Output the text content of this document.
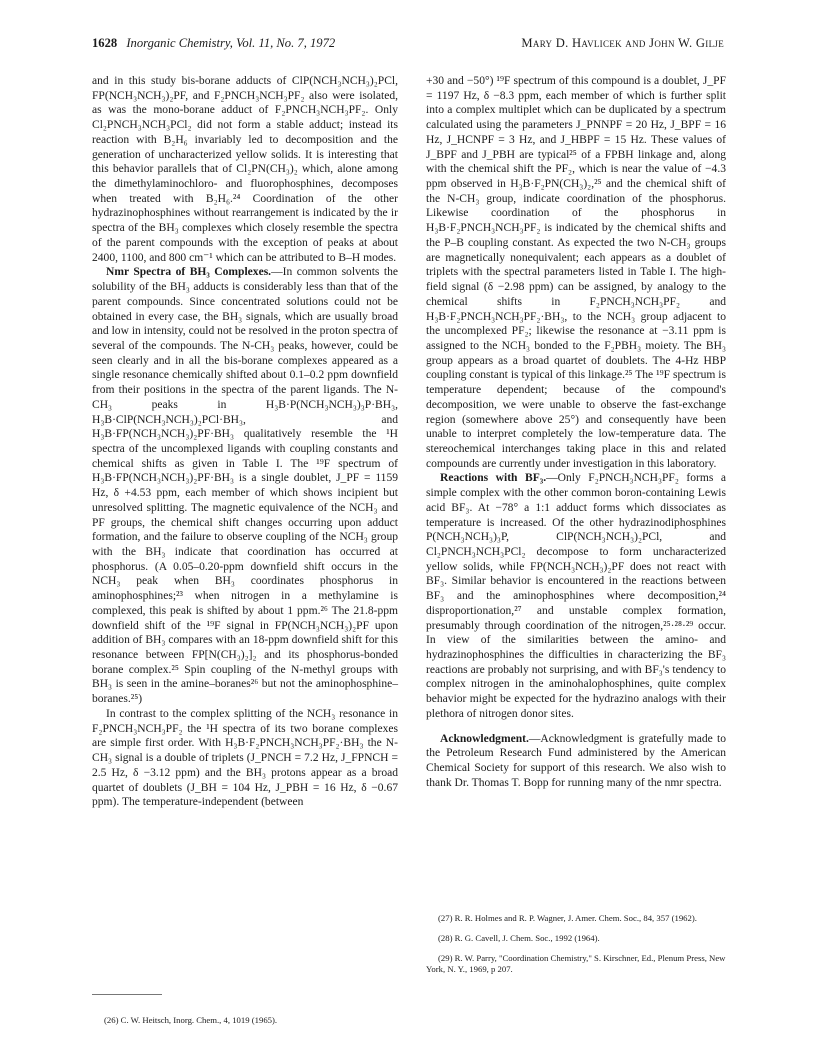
1628 Inorganic Chemistry, Vol. 11, No. 7, 1972	Mary D. Havlicek and John W. Gilje

and in this study bis-borane adducts of ClP(NCH₃NCH₃)₂PCl, FP(NCH₃NCH₃)₂PF, and F₂PNCH₃NCH₃PF₂ also were isolated, as was the mono-borane adduct of F₂PNCH₃NCH₃PF₂. Only Cl₂PNCH₃NCH₃PCl₂ did not form a stable adduct; instead its reaction with B₂H₆ invariably led to decomposition and the generation of uncharacterized yellow solids. It is interesting that this behavior parallels that of Cl₂PN(CH₃)₂ which, alone among the dimethylaminochloro- and fluorophosphines, decomposes when treated with B₂H₆.²⁴ Coordination of the other hydrazinophosphines without rearrangement is indicated by the ir spectra of the BH₃ complexes which closely resemble the spectra of the parent compounds with the exception of peaks at about 2400, 1100, and 800 cm⁻¹ which can be attributed to B–H modes.

Nmr Spectra of BH₃ Complexes.—In common solvents the solubility of the BH₃ adducts is considerably less than that of the parent compounds. Since concentrated solutions could not be obtained in every case, the BH₃ signals, which are usually broad and low in intensity, could not be resolved in the proton spectra of several of the compounds. The N-CH₃ peaks, however, could be seen clearly and in all the bis-borane complexes appeared as a single resonance chemically shifted about 0.1–0.2 ppm downfield from their positions in the spectra of the parent ligands. The N-CH₃ peaks in H₃B·P(NCH₃NCH₃)₃P·BH₃, H₃B·ClP(NCH₃NCH₃)₂PCl·BH₃, and H₃B·FP(NCH₃NCH₃)₂PF·BH₃ qualitatively resemble the ¹H spectra of the uncomplexed ligands with coupling constants and chemical shifts as given in Table I. The ¹⁹F spectrum of H₃B·FP(NCH₃NCH₃)₂PF·BH₃ is a single doublet, J_PF = 1159 Hz, δ +4.53 ppm, each member of which shows incipient but unresolved splitting. The magnetic equivalence of the NCH₃ and PF groups, the chemical shift changes occurring upon adduct formation, and the failure to observe coupling of the NCH₃ group with the BH₃ indicate that coordination has occurred at phosphorus. (A 0.05–0.20-ppm downfield shift occurs in the NCH₃ peak when BH₃ coordinates phosphorus in aminophosphines;²³ when nitrogen in a methylamine is complexed, this peak is shifted by about 1 ppm.²⁶ The 21.8-ppm downfield shift of the ¹⁹F signal in FP(NCH₃NCH₃)₂PF upon addition of BH₃ compares with an 18-ppm downfield shift for this resonance between FP[N(CH₃)₂]₂ and its phosphorus-bonded borane complex.²⁵ Spin coupling of the N-methyl groups with BH₃ is seen in the amine–boranes²⁶ but not the aminophosphine–boranes.²⁵)

In contrast to the complex splitting of the NCH₃ resonance in F₂PNCH₃NCH₃PF₂ the ¹H spectra of its two borane complexes are simple first order. With H₃B·F₂PNCH₃NCH₃PF₂·BH₃ the N-CH₃ signal is a double of triplets (J_PNCH = 7.2 Hz, J_FPNCH = 2.5 Hz, δ −3.12 ppm) and the BH₃ protons appear as a broad quartet of doublets (J_BH = 104 Hz, J_PBH = 16 Hz, δ −0.67 ppm). The temperature-independent (between

(26) C. W. Heitsch, Inorg. Chem., 4, 1019 (1965).

+30 and −50°) ¹⁹F spectrum of this compound is a doublet, J_PF = 1197 Hz, δ −8.3 ppm, each member of which is further split into a complex multiplet which can be duplicated by a spectrum calculated using the parameters J_PNNPF = 20 Hz, J_BPF = 16 Hz, J_HCNPF = 3 Hz, and J_HBPF = 15 Hz. These values of J_BPF and J_PBH are typical²⁵ of a FPBH linkage and, along with the chemical shift the PF₂, which is near the value of −4.3 ppm observed in H₃B·F₂PN(CH₃)₂,²⁵ and the chemical shift of the N-CH₃ group, indicate coordination of the phosphorus. Likewise coordination of the phosphorus in H₃B·F₂PNCH₃NCH₃PF₂ is indicated by the chemical shifts and the P–B coupling constant. As expected the two N-CH₃ groups are magnetically nonequivalent; each appears as a doublet of triplets with the spectral parameters listed in Table I. The high-field signal (δ −2.98 ppm) can be assigned, by analogy to the chemical shifts in F₂PNCH₃NCH₃PF₂ and H₃B·F₂PNCH₃NCH₃PF₂·BH₃, to the NCH₃ group adjacent to the uncomplexed PF₂; likewise the resonance at −3.11 ppm is assigned to the NCH₃ bonded to the F₂PBH₃ moiety. The BH₃ group appears as a broad quartet of doublets. The 4-Hz HBP coupling constant is typical of this linkage.²⁵ The ¹⁹F spectrum is temperature dependent; because of the compound's decomposition, we were unable to observe the fast-exchange region (somewhere above 25°) and consequently have been unable to interpret completely the low-temperature data. The stereochemical interchanges taking place in this and related compounds are currently under investigation in this laboratory.

Reactions with BF₃.—Only F₂PNCH₃NCH₃PF₂ forms a simple complex with the other common boron-containing Lewis acid BF₃. At −78° a 1:1 adduct forms which dissociates as temperature is increased. Of the other hydrazinodiphosphines P(NCH₃NCH₃)₃P, ClP(NCH₃NCH₃)₂PCl, and Cl₂PNCH₃NCH₃PCl₂ decompose to form uncharacterized yellow solids, while FP(NCH₃NCH₃)₂PF does not react with BF₃. Similar behavior is encountered in the reactions between BF₃ and the aminophosphines where decomposition,²⁴ disproportionation,²⁷ and unstable complex formation, presumably through coordination of the nitrogen,²⁵·²⁸·²⁹ occur. In view of the similarities between the amino- and hydrazinophosphines the difficulties in characterizing the BF₃ reactions are probably not surprising, and with BF₃'s tendency to complex nitrogen in the aminohalophosphines, quite complex behavior might be expected for the hydrazino analogs with their plethora of nitrogen donor sites.

Acknowledgment.—Acknowledgment is gratefully made to the Petroleum Research Fund administered by the American Chemical Society for support of this research. We also wish to thank Dr. Thomas T. Bopp for running many of the nmr spectra.

(27) R. R. Holmes and R. P. Wagner, J. Amer. Chem. Soc., 84, 357 (1962).

(28) R. G. Cavell, J. Chem. Soc., 1992 (1964).

(29) R. W. Parry, "Coordination Chemistry," S. Kirschner, Ed., Plenum Press, New York, N. Y., 1969, p 207.
